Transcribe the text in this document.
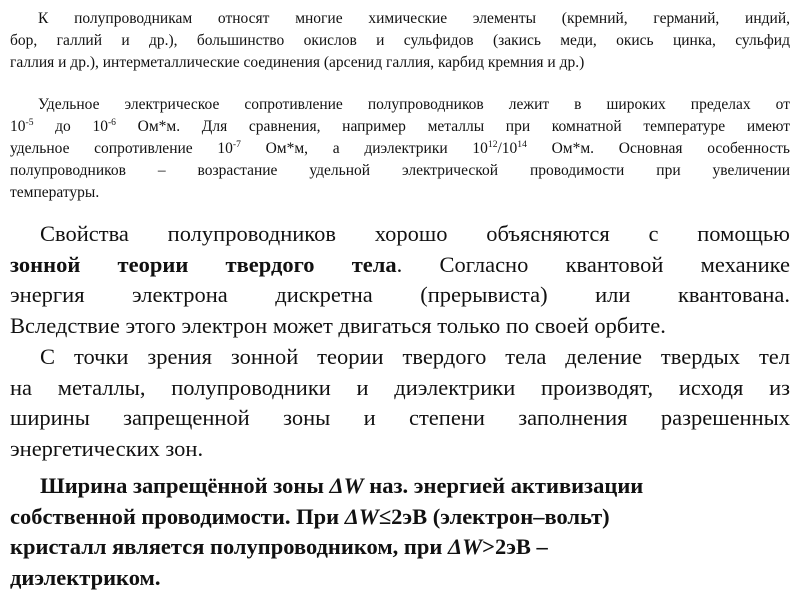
К полупроводникам относят многие химические элементы (кремний, германий, индий,
бор, галлий и др.), большинство окислов и сульфидов (закись меди, окись цинка, сульфид
галлия и др.), интерметаллические соединения (арсенид галлия, карбид кремния и др.)
Удельное электрическое сопротивление полупроводников лежит в широких пределах от
$10^{-5}$ до $10^{-6}$ Ом*м. Для сравнения, например металлы при комнатной температуре имеют
удельное сопротивление $10^{-7}$ Ом*м, а диэлектрики $10^{12}/10^{14}$ Ом*м. Основная особенность
полупроводников – возрастание удельной электрической проводимости при увеличении
температуры.
Свойства полупроводников хорошо объясняются с помощью
зонной теории твердого тела. Согласно квантовой механике
энергия электрона дискретна (прерывиста) или квантована.
Вследствие этого электрон может двигаться только по своей орбите.
С точки зрения зонной теории твердого тела деление твердых тел
на металлы, полупроводники и диэлектрики производят, исходя из
ширины запрещенной зоны и степени заполнения разрешенных
энергетических зон.
Ширина запрещённой зоны ΔW наз. энергией активизации
собственной проводимости. При ΔW≤2эВ (электрон–вольт)
кристалл является полупроводником, при ΔW>2эВ –
диэлектриком.
